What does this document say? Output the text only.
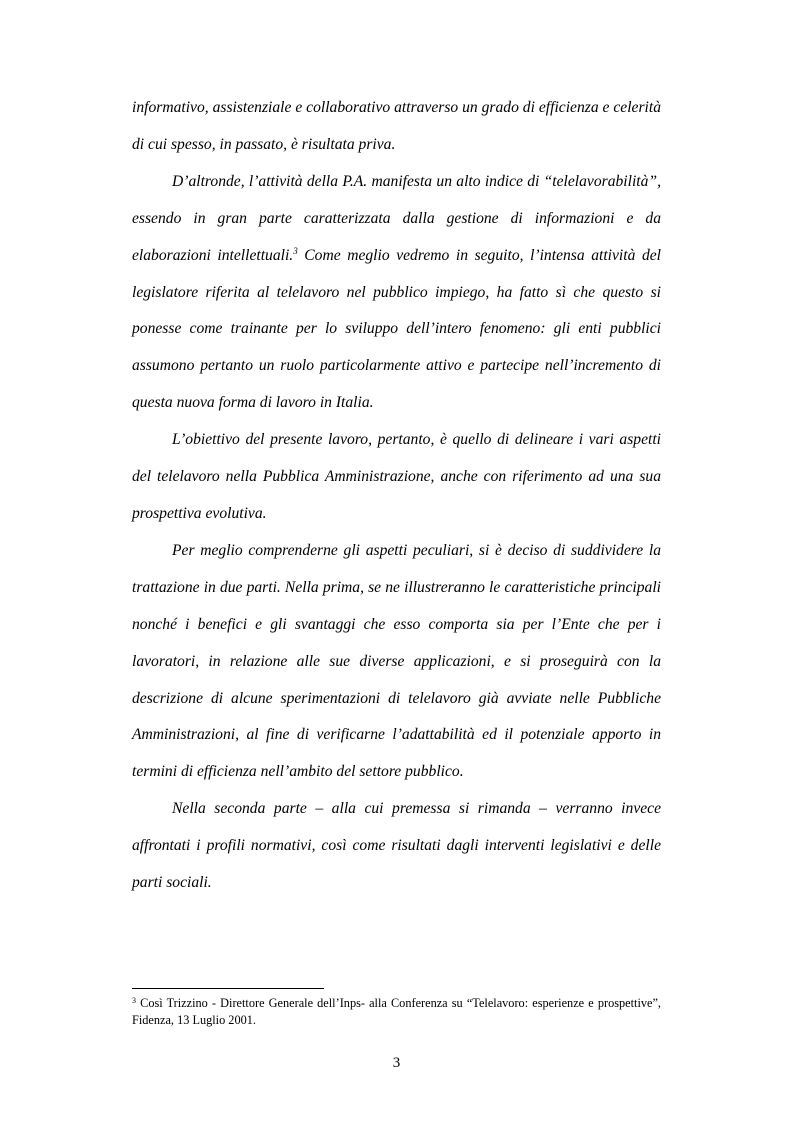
informativo, assistenziale e collaborativo attraverso un grado di efficienza e celerità di cui spesso, in passato, è risultata priva.

D’altronde, l’attività della P.A. manifesta un alto indice di “telelavorabilità”, essendo in gran parte caratterizzata dalla gestione di informazioni e da elaborazioni intellettuali.$^3$ Come meglio vedremo in seguito, l’intensa attività del legislatore riferita al telelavoro nel pubblico impiego, ha fatto sì che questo si ponesse come trainante per lo sviluppo dell’intero fenomeno: gli enti pubblici assumono pertanto un ruolo particolarmente attivo e partecipe nell’incremento di questa nuova forma di lavoro in Italia.

L’obiettivo del presente lavoro, pertanto, è quello di delineare i vari aspetti del telelavoro nella Pubblica Amministrazione, anche con riferimento ad una sua prospettiva evolutiva.

Per meglio comprenderne gli aspetti peculiari, si è deciso di suddividere la trattazione in due parti. Nella prima, se ne illustreranno le caratteristiche principali nonché i benefici e gli svantaggi che esso comporta sia per l’Ente che per i lavoratori, in relazione alle sue diverse applicazioni, e si proseguirà con la descrizione di alcune sperimentazioni di telelavoro già avviate nelle Pubbliche Amministrazioni, al fine di verificarne l’adattabilità ed il potenziale apporto in termini di efficienza nell’ambito del settore pubblico.

Nella seconda parte – alla cui premessa si rimanda – verranno invece affrontati i profili normativi, così come risultati dagli interventi legislativi e delle parti sociali.

$^3$ Così Trizzino - Direttore Generale dell’Inps- alla Conferenza su “Telelavoro: esperienze e prospettive”, Fidenza, 13 Luglio 2001.
3
